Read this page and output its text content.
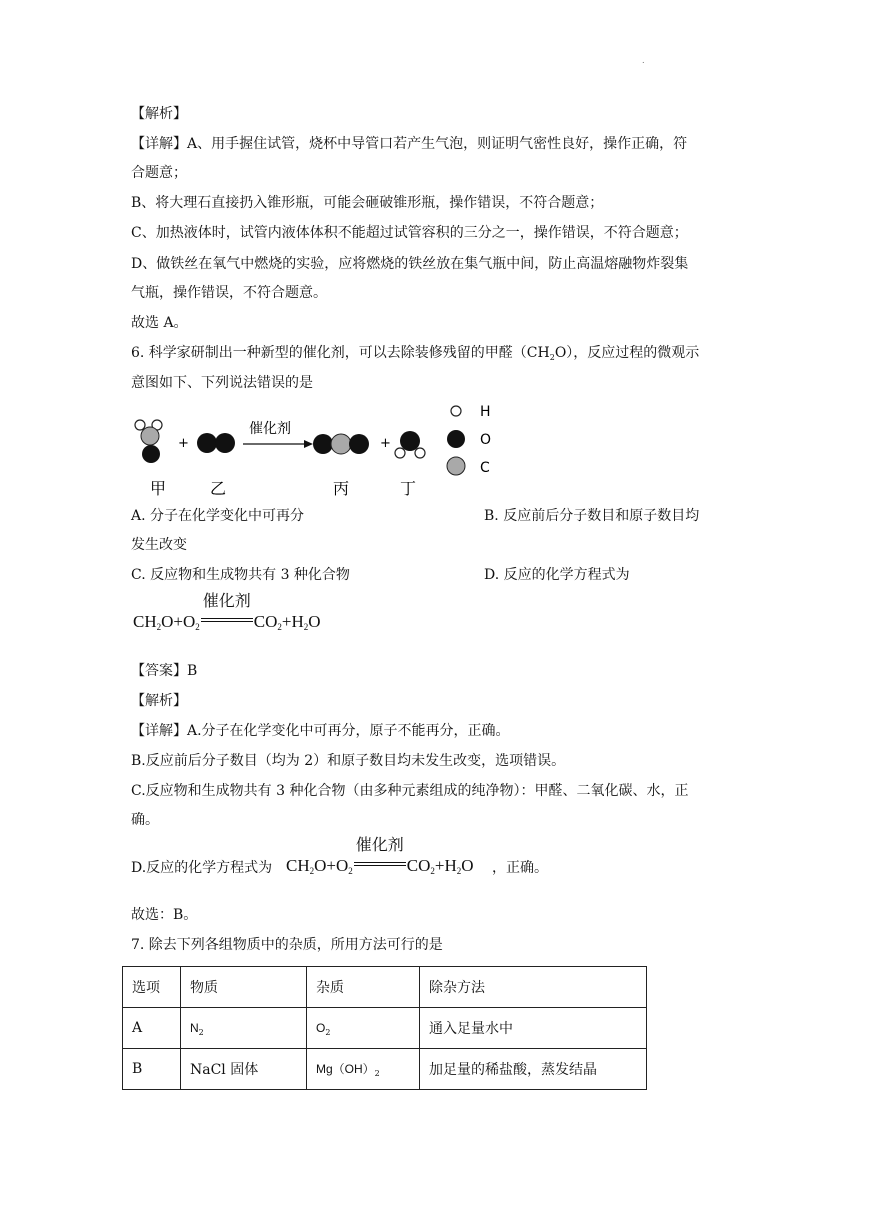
.
【解析】
【详解】A、用手握住试管，烧杯中导管口若产生气泡，则证明气密性良好，操作正确，符
合题意；
B、将大理石直接扔入锥形瓶，可能会砸破锥形瓶，操作错误，不符合题意；
C、加热液体时，试管内液体体积不能超过试管容积的三分之一，操作错误，不符合题意；
D、做铁丝在氧气中燃烧的实验，应将燃烧的铁丝放在集气瓶中间，防止高温熔融物炸裂集
气瓶，操作错误，不符合题意。
故选 A。
6. 科学家研制出一种新型的催化剂，可以去除装修残留的甲醛$(CH_2O)$，反应过程的微观示
意图如下、下列说法错误的是
+
催化剂
+
甲	乙	丙	丁
H
O
C
A. 分子在化学变化中可再分	B. 反应前后分子数目和原子数目均
发生改变
C. 反应物和生成物共有 3 种化合物	D. 反应的化学方程式为
$CH_2O+O_2$
催化剂
$CO_2+H_2O$
【答案】B
【解析】
【详解】A.分子在化学变化中可再分，原子不能再分，正确。
B.反应前后分子数目（均为 2）和原子数目均未发生改变，选项错误。
C.反应物和生成物共有 3 种化合物（由多种元素组成的纯净物）：甲醛、二氧化碳、水，正
确。
D.反应的化学方程式为 $CH_2O+O_2$
催化剂
$CO_2+H_2O$ ，正确。
故选：B。
7. 除去下列各组物质中的杂质，所用方法可行的是
选项	物质	杂质	除杂方法
A	$N_2$	$O_2$	通入足量水中
B	NaCl 固体	$Mg(OH)_2$	加足量的稀盐酸，蒸发结晶
